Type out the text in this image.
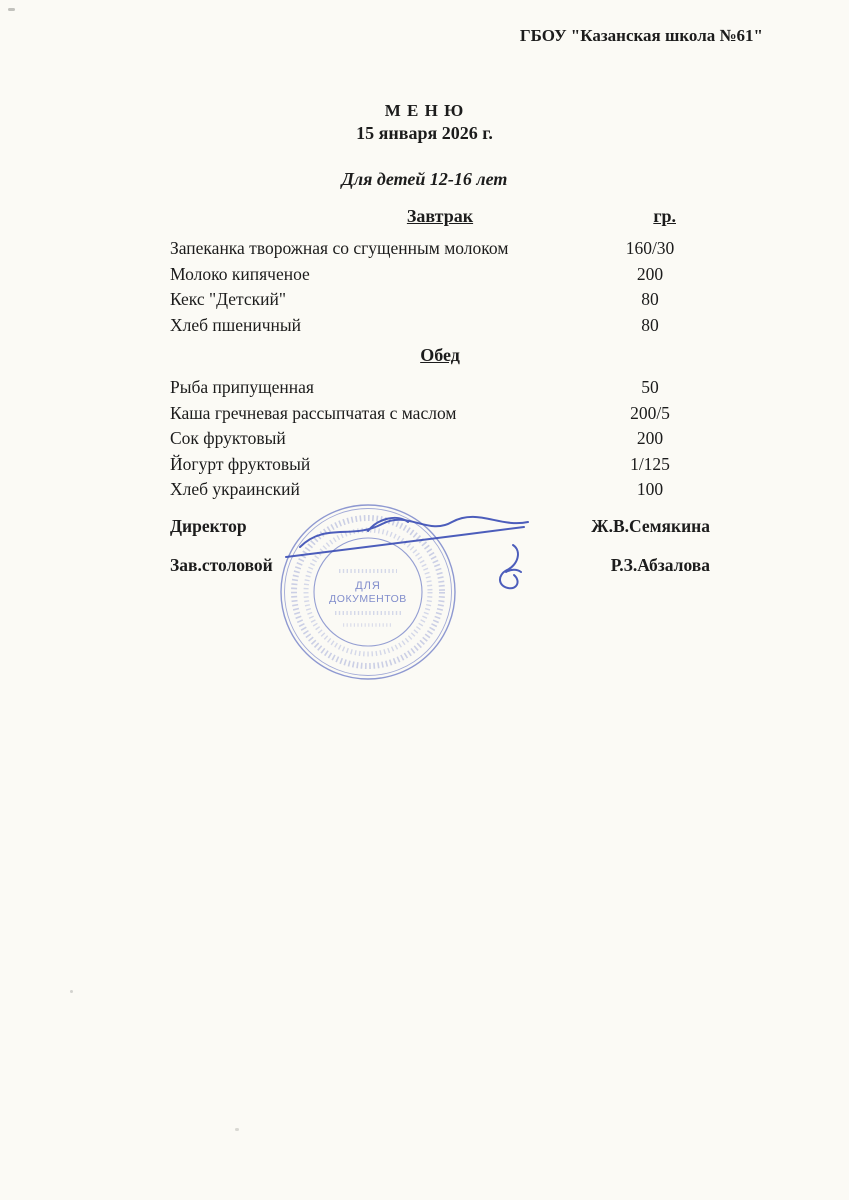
ГБОУ "Казанская школа №61"
М Е Н Ю
15 января 2026 г.
Для детей 12-16 лет
Завтрак	гр.
Запеканка творожная со сгущенным молоком	160/30
Молоко кипяченое	200
Кекс "Детский"	80
Хлеб пшеничный	80
Обед
Рыба припущенная	50
Каша гречневая рассыпчатая с маслом	200/5
Сок фруктовый	200
Йогурт фруктовый	1/125
Хлеб украинский	100
Директор	Ж.В.Семякина
Зав.столовой	Р.З.Абзалова
ДЛЯ
ДОКУМЕНТОВ
